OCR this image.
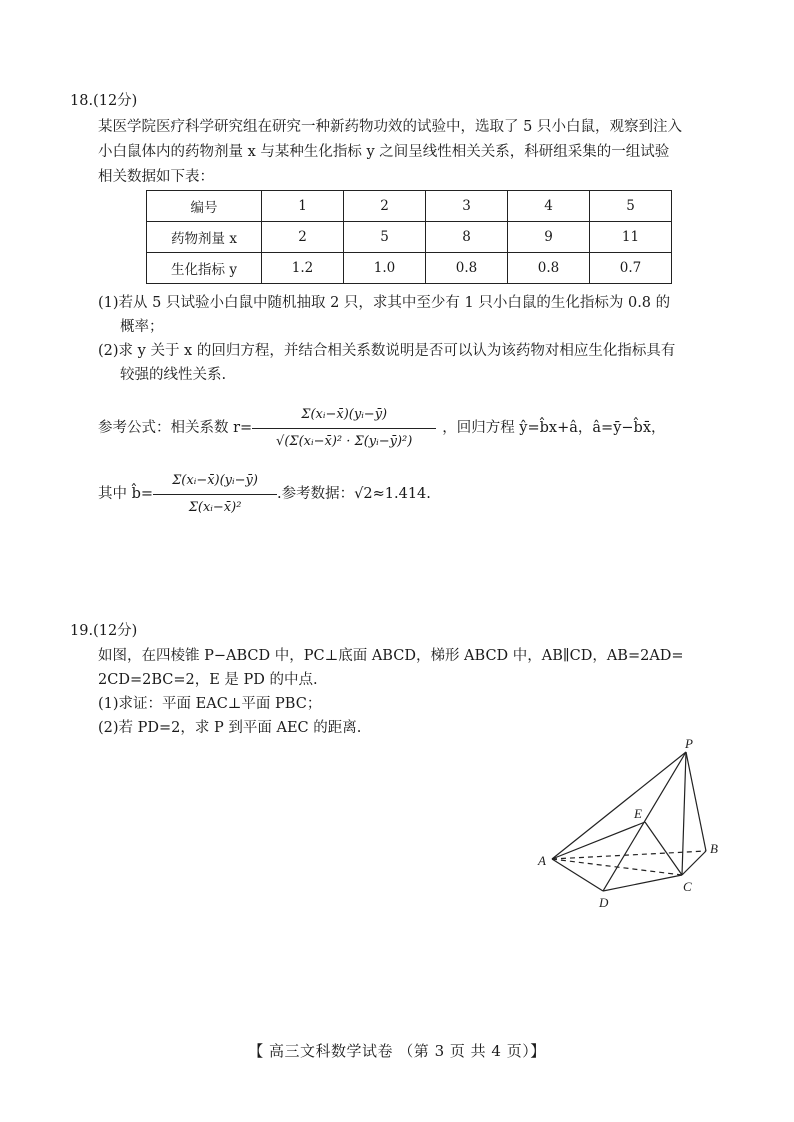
18.(12分)
某医学院医疗科学研究组在研究一种新药物功效的试验中，选取了 5 只小白鼠，观察到注入
小白鼠体内的药物剂量 x 与某种生化指标 y 之间呈线性相关关系，科研组采集的一组试验
相关数据如下表：
编号	1	2	3	4	5
药物剂量 x	2	5	8	9	11
生化指标 y	1.2	1.0	0.8	0.8	0.7
(1)若从 5 只试验小白鼠中随机抽取 2 只，求其中至少有 1 只小白鼠的生化指标为 0.8 的
概率；
(2)求 y 关于 x 的回归方程，并结合相关系数说明是否可以认为该药物对相应生化指标具有
较强的线性关系.
参考公式：相关系数 $r= \frac{\text{Σ(xᵢ−x̄)(yᵢ−ȳ)}}{\text{√(Σ(xᵢ−x̄)² · Σ(yᵢ−ȳ)²)}}$ ，回归方程 ŷ=b̂x+â，â=ȳ−b̂x̄，
其中 b̂= $\frac{\text{Σ(xᵢ−x̄)(yᵢ−ȳ)}}{\text{Σ(xᵢ−x̄)²}}$ .参考数据：√2≈1.414.
19.(12分)
如图，在四棱锥 P−ABCD 中，PC⊥底面 ABCD，梯形 ABCD 中，AB∥CD，AB=2AD=
2CD=2BC=2，E 是 PD 的中点.
(1)求证：平面 EAC⊥平面 PBC；
(2)若 PD=2，求 P 到平面 AEC 的距离.
P
E
A
B
C
D
【 高三文科数学试卷 （第 3 页 共 4 页）】
